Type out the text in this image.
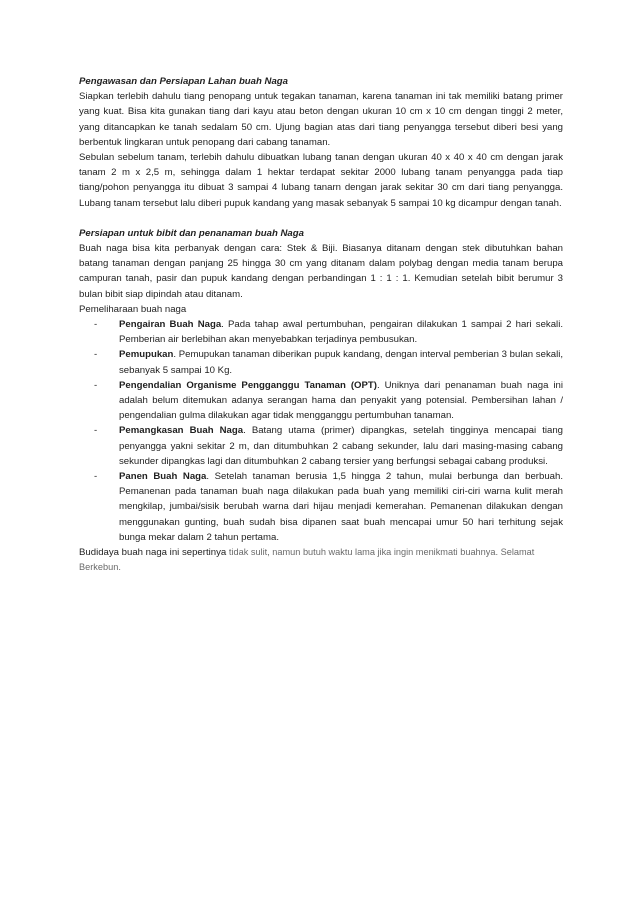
Pengawasan dan Persiapan Lahan buah Naga

Siapkan terlebih dahulu tiang penopang untuk tegakan tanaman, karena tanaman ini tak memiliki batang primer yang kuat. Bisa kita gunakan tiang dari kayu atau beton dengan ukuran 10 cm x 10 cm dengan tinggi 2 meter, yang ditancapkan ke tanah sedalam 50 cm. Ujung bagian atas dari tiang penyangga tersebut diberi besi yang berbentuk lingkaran untuk penopang dari cabang tanaman.

Sebulan sebelum tanam, terlebih dahulu dibuatkan lubang tanan dengan ukuran 40 x 40 x 40 cm dengan jarak tanam 2 m x 2,5 m, sehingga dalam 1 hektar terdapat sekitar 2000 lubang tanam penyangga pada tiap tiang/pohon penyangga itu dibuat 3 sampai 4 lubang tanarn dengan jarak sekitar 30 cm dari tiang penyangga. Lubang tanam tersebut lalu diberi pupuk kandang yang masak sebanyak 5 sampai 10 kg dicampur dengan tanah.

Persiapan untuk bibit dan penanaman buah Naga

Buah naga bisa kita perbanyak dengan cara: Stek & Biji. Biasanya ditanam dengan stek dibutuhkan bahan batang tanaman dengan panjang 25 hingga 30 cm yang ditanam dalam polybag dengan media tanam berupa campuran tanah, pasir dan pupuk kandang dengan perbandingan 1 : 1 : 1. Kemudian setelah bibit berumur 3 bulan bibit siap dipindah atau ditanam.

Pemeliharaan buah naga

- Pengairan Buah Naga. Pada tahap awal pertumbuhan, pengairan dilakukan 1 sampai 2 hari sekali. Pemberian air berlebihan akan menyebabkan terjadinya pembusukan.
- Pemupukan. Pemupukan tanaman diberikan pupuk kandang, dengan interval pemberian 3 bulan sekali, sebanyak 5 sampai 10 Kg.
- Pengendalian Organisme Pengganggu Tanaman (OPT). Uniknya dari penanaman buah naga ini adalah belum ditemukan adanya serangan hama dan penyakit yang potensial. Pembersihan lahan / pengendalian gulma dilakukan agar tidak mengganggu pertumbuhan tanaman.
- Pemangkasan Buah Naga. Batang utama (primer) dipangkas, setelah tingginya mencapai tiang penyangga yakni sekitar 2 m, dan ditumbuhkan 2 cabang sekunder, lalu dari masing-masing cabang sekunder dipangkas lagi dan ditumbuhkan 2 cabang tersier yang berfungsi sebagai cabang produksi.
- Panen Buah Naga. Setelah tanaman berusia 1,5 hingga 2 tahun, mulai berbunga dan berbuah. Pemanenan pada tanaman buah naga dilakukan pada buah yang memiliki ciri-ciri warna kulit merah mengkilap, jumbai/sisik berubah warna dari hijau menjadi kemerahan. Pemanenan dilakukan dengan menggunakan gunting, buah sudah bisa dipanen saat buah mencapai umur 50 hari terhitung sejak bunga mekar dalam 2 tahun pertama.

Budidaya buah naga ini sepertinya tidak sulit, namun butuh waktu lama jika ingin menikmati buahnya. Selamat Berkebun.
